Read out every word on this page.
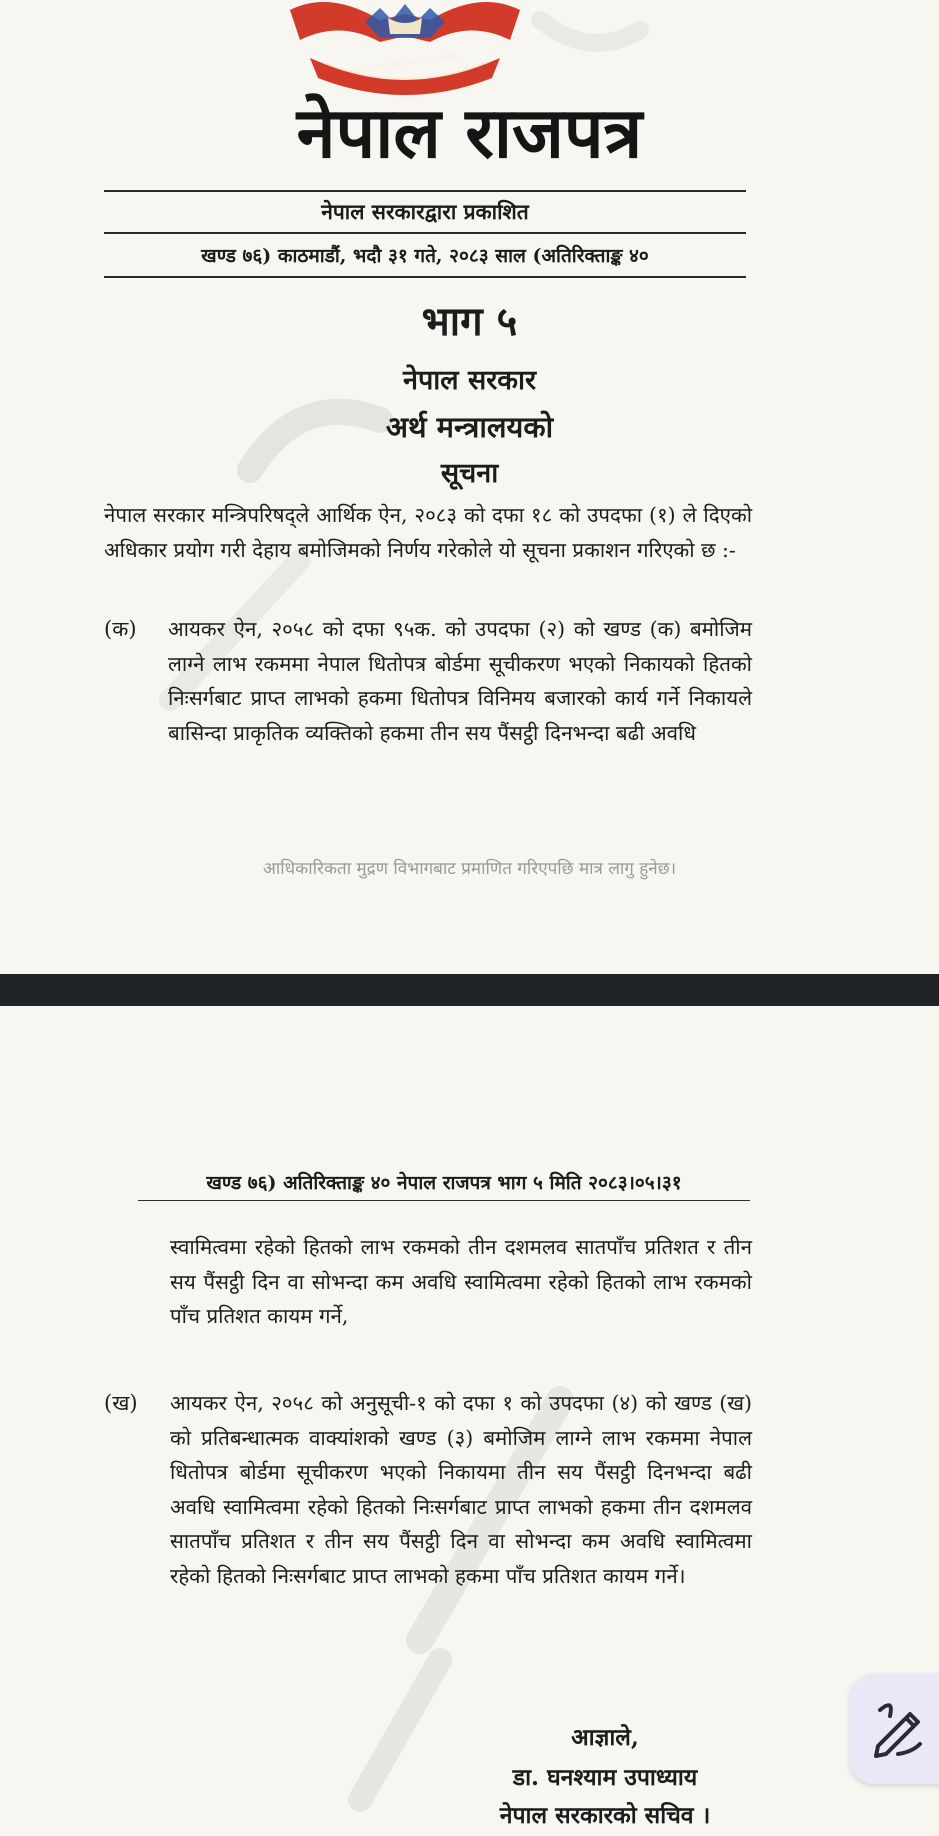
जननी जन्मभूमिश्च स्वर्गादपि गरीयसी
नेपाल राजपत्र
नेपाल सरकारद्वारा प्रकाशित
खण्ड ७६) काठमाडौं, भदौ ३१ गते, २०८३ साल (अतिरिक्ताङ्क ४०
भाग ५
नेपाल सरकार
अर्थ मन्त्रालयको
सूचना
नेपाल सरकार मन्त्रिपरिषद्ले आर्थिक ऐन, २०८३ को दफा १८ को उपदफा (१) ले दिएको अधिकार प्रयोग गरी देहाय बमोजिमको निर्णय गरेकोले यो सूचना प्रकाशन गरिएको छ :-
(क) आयकर ऐन, २०५८ को दफा ९५क. को उपदफा (२) को खण्ड (क) बमोजिम लाग्ने लाभ रकममा नेपाल धितोपत्र बोर्डमा सूचीकरण भएको निकायको हितको निःसर्गबाट प्राप्त लाभको हकमा धितोपत्र विनिमय बजारको कार्य गर्ने निकायले बासिन्दा प्राकृतिक व्यक्तिको हकमा तीन सय पैंसट्ठी दिनभन्दा बढी अवधि
आधिकारिकता मुद्रण विभागबाट प्रमाणित गरिएपछि मात्र लागु हुनेछ।
खण्ड ७६) अतिरिक्ताङ्क ४० नेपाल राजपत्र भाग ५ मिति २०८३।०५।३१
स्वामित्वमा रहेको हितको लाभ रकमको तीन दशमलव सातपाँच प्रतिशत र तीन सय पैंसट्ठी दिन वा सोभन्दा कम अवधि स्वामित्वमा रहेको हितको लाभ रकमको पाँच प्रतिशत कायम गर्ने,
(ख) आयकर ऐन, २०५८ को अनुसूची-१ को दफा १ को उपदफा (४) को खण्ड (ख) को प्रतिबन्धात्मक वाक्यांशको खण्ड (३) बमोजिम लाग्ने लाभ रकममा नेपाल धितोपत्र बोर्डमा सूचीकरण भएको निकायमा तीन सय पैंसट्ठी दिनभन्दा बढी अवधि स्वामित्वमा रहेको हितको निःसर्गबाट प्राप्त लाभको हकमा तीन दशमलव सातपाँच प्रतिशत र तीन सय पैंसट्ठी दिन वा सोभन्दा कम अवधि स्वामित्वमा रहेको हितको निःसर्गबाट प्राप्त लाभको हकमा पाँच प्रतिशत कायम गर्ने।
आज्ञाले,
डा. घनश्याम उपाध्याय
नेपाल सरकारको सचिव ।
